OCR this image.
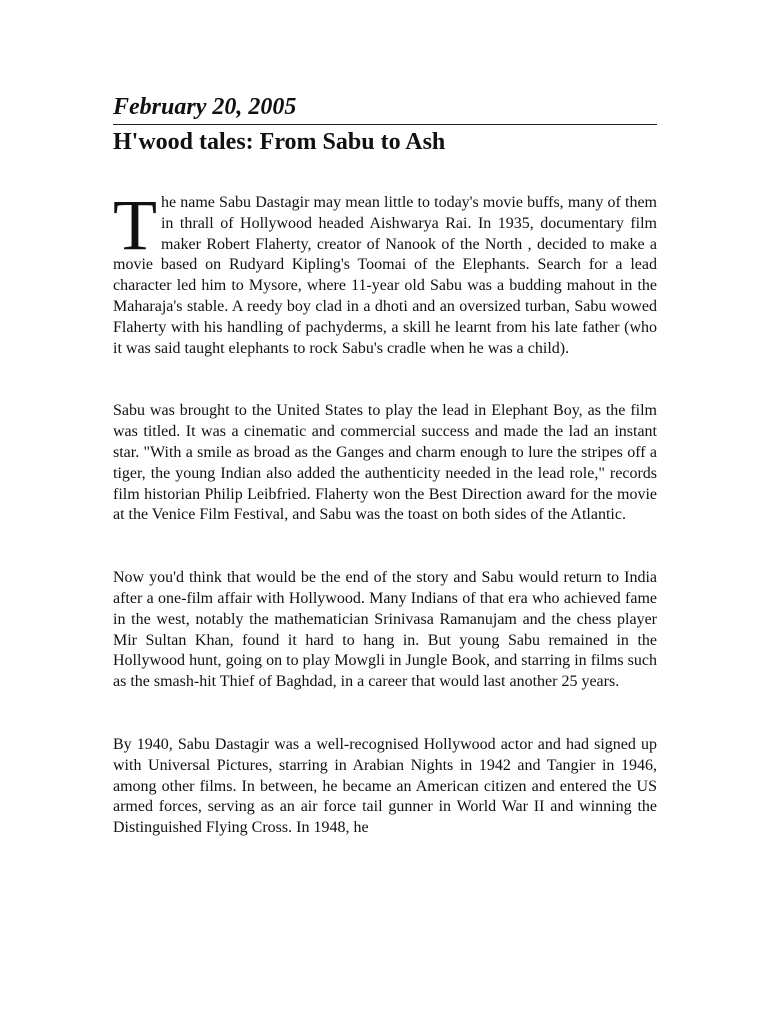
February 20, 2005
H'wood tales: From Sabu to Ash

The name Sabu Dastagir may mean little to today's movie buffs, many of them in thrall of Hollywood headed Aishwarya Rai. In 1935, documentary film maker Robert Flaherty, creator of Nanook of the North , decided to make a movie based on Rudyard Kipling's Toomai of the Elephants. Search for a lead character led him to Mysore, where 11-year old Sabu was a budding mahout in the Maharaja's stable. A reedy boy clad in a dhoti and an oversized turban, Sabu wowed Flaherty with his handling of pachyderms, a skill he learnt from his late father (who it was said taught elephants to rock Sabu's cradle when he was a child).

Sabu was brought to the United States to play the lead in Elephant Boy, as the film was titled. It was a cinematic and commercial success and made the lad an instant star. "With a smile as broad as the Ganges and charm enough to lure the stripes off a tiger, the young Indian also added the authenticity needed in the lead role," records film historian Philip Leibfried. Flaherty won the Best Direction award for the movie at the Venice Film Festival, and Sabu was the toast on both sides of the Atlantic.

Now you'd think that would be the end of the story and Sabu would return to India after a one-film affair with Hollywood. Many Indians of that era who achieved fame in the west, notably the mathematician Srinivasa Ramanujam and the chess player Mir Sultan Khan, found it hard to hang in. But young Sabu remained in the Hollywood hunt, going on to play Mowgli in Jungle Book, and starring in films such as the smash-hit Thief of Baghdad, in a career that would last another 25 years.

By 1940, Sabu Dastagir was a well-recognised Hollywood actor and had signed up with Universal Pictures, starring in Arabian Nights in 1942 and Tangier in 1946, among other films. In between, he became an American citizen and entered the US armed forces, serving as an air force tail gunner in World War II and winning the Distinguished Flying Cross. In 1948, he
